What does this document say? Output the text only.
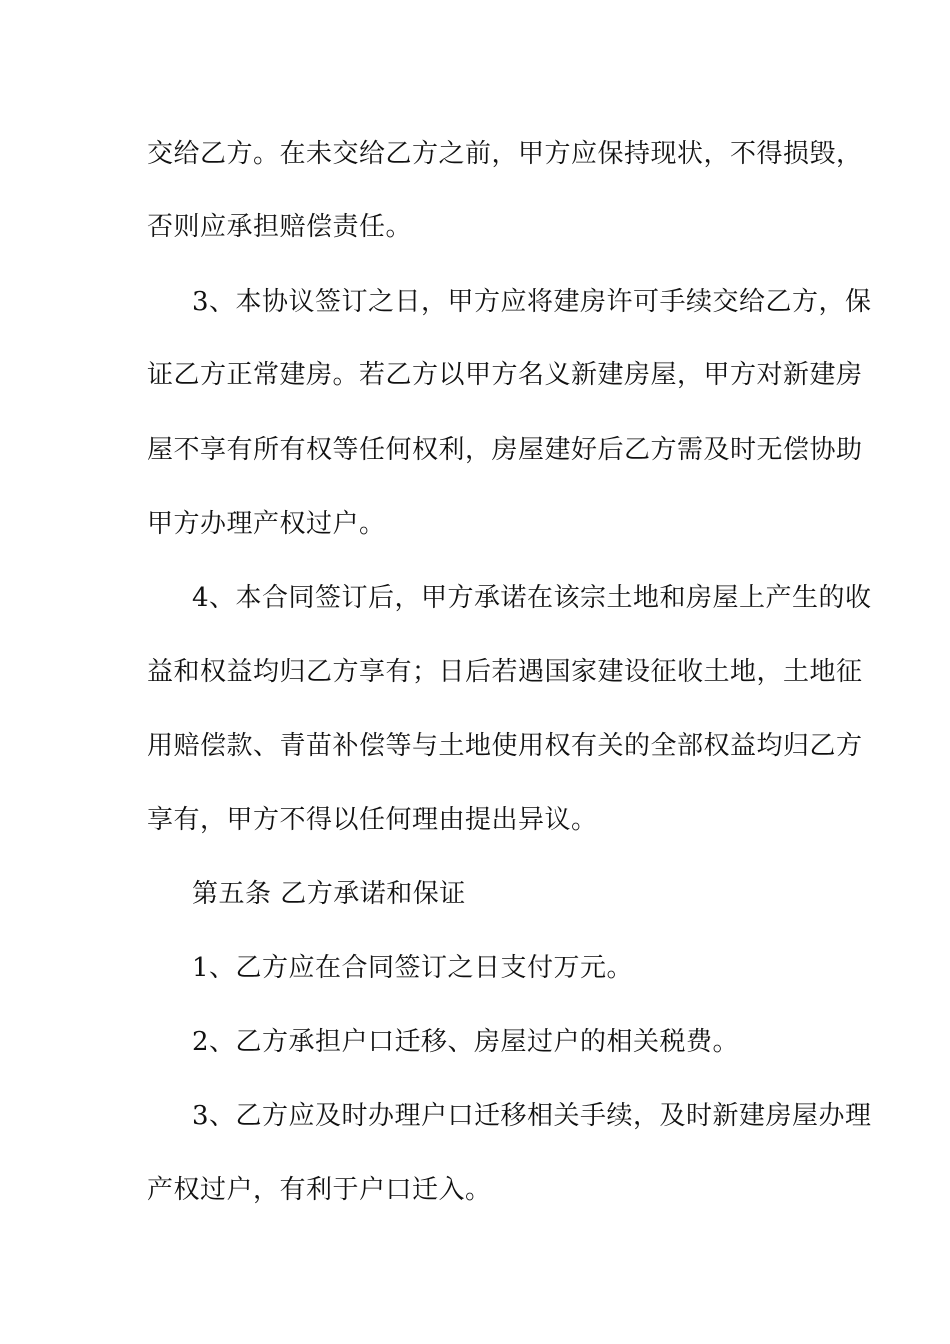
交给乙方。在未交给乙方之前，甲方应保持现状，不得损毁，
否则应承担赔偿责任。
3、本协议签订之日，甲方应将建房许可手续交给乙方，保
证乙方正常建房。若乙方以甲方名义新建房屋，甲方对新建房
屋不享有所有权等任何权利，房屋建好后乙方需及时无偿协助
甲方办理产权过户。
4、本合同签订后，甲方承诺在该宗土地和房屋上产生的收
益和权益均归乙方享有；日后若遇国家建设征收土地，土地征
用赔偿款、青苗补偿等与土地使用权有关的全部权益均归乙方
享有，甲方不得以任何理由提出异议。
第五条 乙方承诺和保证
1、乙方应在合同签订之日支付万元。
2、乙方承担户口迁移、房屋过户的相关税费。
3、乙方应及时办理户口迁移相关手续，及时新建房屋办理
产权过户，有利于户口迁入。
